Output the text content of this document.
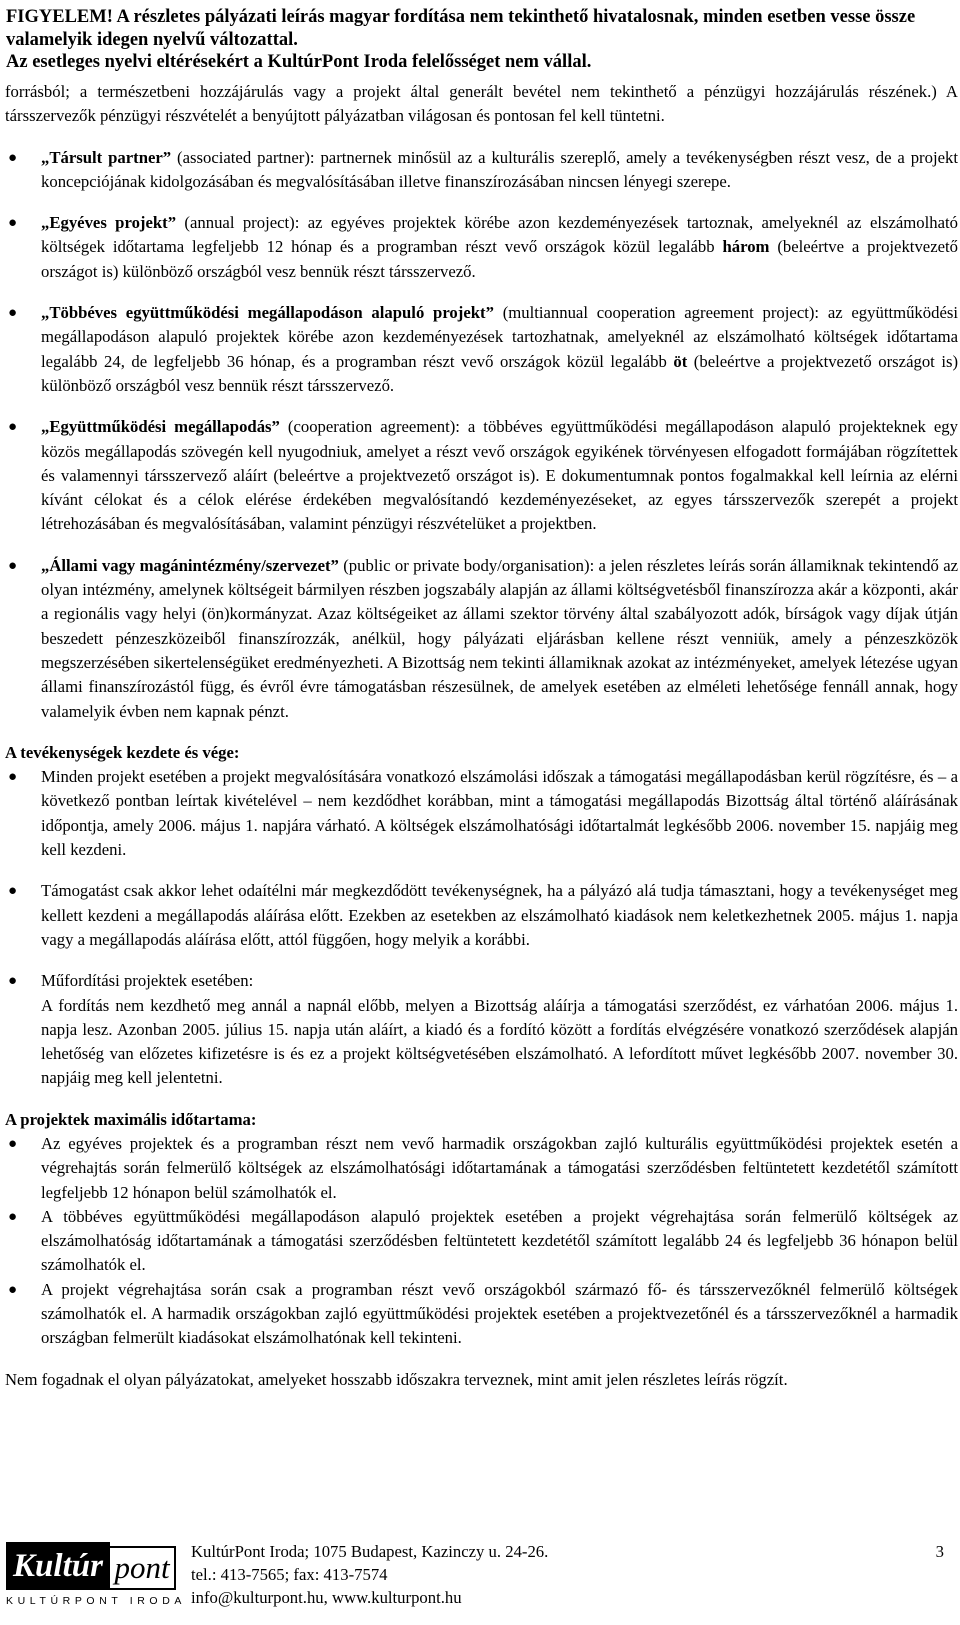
FIGYELEM! A részletes pályázati leírás magyar fordítása nem tekinthető hivatalosnak, minden esetben vesse össze valamelyik idegen nyelvű változattal.
Az esetleges nyelvi eltérésekért a KultúrPont Iroda felelősséget nem vállal.

forrásból; a természetbeni hozzájárulás vagy a projekt által generált bevétel nem tekinthető a pénzügyi hozzájárulás részének.) A társszervezők pénzügyi részvételét a benyújtott pályázatban világosan és pontosan fel kell tüntetni.

● „Társult partner” (associated partner): partnernek minősül az a kulturális szereplő, amely a tevékenységben részt vesz, de a projekt koncepciójának kidolgozásában és megvalósításában illetve finanszírozásában nincsen lényegi szerepe.
● „Egyéves projekt” (annual project): az egyéves projektek körébe azon kezdeményezések tartoznak, amelyeknél az elszámolható költségek időtartama legfeljebb 12 hónap és a programban részt vevő országok közül legalább három (beleértve a projektvezető országot is) különböző országból vesz bennük részt társszervező.
● „Többéves együttműködési megállapodáson alapuló projekt” (multiannual cooperation agreement project): az együttműködési megállapodáson alapuló projektek körébe azon kezdeményezések tartozhatnak, amelyeknél az elszámolható költségek időtartama legalább 24, de legfeljebb 36 hónap, és a programban részt vevő országok közül legalább öt (beleértve a projektvezető országot is) különböző országból vesz bennük részt társszervező.
● „Együttműködési megállapodás” (cooperation agreement): a többéves együttműködési megállapodáson alapuló projekteknek egy közös megállapodás szövegén kell nyugodniuk, amelyet a részt vevő országok egyikének törvényesen elfogadott formájában rögzítettek és valamennyi társszervező aláírt (beleértve a projektvezető országot is). E dokumentumnak pontos fogalmakkal kell leírnia az elérni kívánt célokat és a célok elérése érdekében megvalósítandó kezdeményezéseket, az egyes társszervezők szerepét a projekt létrehozásában és megvalósításában, valamint pénzügyi részvételüket a projektben.
● „Állami vagy magánintézmény/szervezet” (public or private body/organisation): a jelen részletes leírás során államiknak tekintendő az olyan intézmény, amelynek költségeit bármilyen részben jogszabály alapján az állami költségvetésből finanszírozza akár a központi, akár a regionális vagy helyi (ön)kormányzat. Azaz költségeiket az állami szektor törvény által szabályozott adók, bírságok vagy díjak útján beszedett pénzeszközeiből finanszírozzák, anélkül, hogy pályázati eljárásban kellene részt venniük, amely a pénzeszközök megszerzésében sikertelenségüket eredményezheti. A Bizottság nem tekinti államiknak azokat az intézményeket, amelyek létezése ugyan állami finanszírozástól függ, és évről évre támogatásban részesülnek, de amelyek esetében az elméleti lehetősége fennáll annak, hogy valamelyik évben nem kapnak pénzt.

A tevékenységek kezdete és vége:

● Minden projekt esetében a projekt megvalósítására vonatkozó elszámolási időszak a támogatási megállapodásban kerül rögzítésre, és – a következő pontban leírtak kivételével – nem kezdődhet korábban, mint a támogatási megállapodás Bizottság által történő aláírásának időpontja, amely 2006. május 1. napjára várható. A költségek elszámolhatósági időtartalmát legkésőbb 2006. november 15. napjáig meg kell kezdeni.
● Támogatást csak akkor lehet odaítélni már megkezdődött tevékenységnek, ha a pályázó alá tudja támasztani, hogy a tevékenységet meg kellett kezdeni a megállapodás aláírása előtt. Ezekben az esetekben az elszámolható kiadások nem keletkezhetnek 2005. május 1. napja vagy a megállapodás aláírása előtt, attól függően, hogy melyik a korábbi.
● Műfordítási projektek esetében:
A fordítás nem kezdhető meg annál a napnál előbb, melyen a Bizottság aláírja a támogatási szerződést, ez várhatóan 2006. május 1. napja lesz. Azonban 2005. július 15. napja után aláírt, a kiadó és a fordító között a fordítás elvégzésére vonatkozó szerződések alapján lehetőség van előzetes kifizetésre is és ez a projekt költségvetésében elszámolható. A lefordított művet legkésőbb 2007. november 30. napjáig meg kell jelentetni.

A projektek maximális időtartama:

● Az egyéves projektek és a programban részt nem vevő harmadik országokban zajló kulturális együttműködési projektek esetén a végrehajtás során felmerülő költségek az elszámolhatósági időtartamának a támogatási szerződésben feltüntetett kezdetétől számított legfeljebb 12 hónapon belül számolhatók el.
● A többéves együttműködési megállapodáson alapuló projektek esetében a projekt végrehajtása során felmerülő költségek az elszámolhatóság időtartamának a támogatási szerződésben feltüntetett kezdetétől számított legalább 24 és legfeljebb 36 hónapon belül számolhatók el.
● A projekt végrehajtása során csak a programban részt vevő országokból származó fő- és társszervezőknél felmerülő költségek számolhatók el. A harmadik országokban zajló együttműködési projektek esetében a projektvezetőnél és a társszervezőknél a harmadik országban felmerült kiadásokat elszámolhatónak kell tekinteni.

Nem fogadnak el olyan pályázatokat, amelyeket hosszabb időszakra terveznek, mint amit jelen részletes leírás rögzít.

Kultúr pont
KULTÚRPONT IRODA
KultúrPont Iroda; 1075 Budapest, Kazinczy u. 24-26.
tel.: 413-7565; fax: 413-7574
info@kulturpont.hu, www.kulturpont.hu
3
